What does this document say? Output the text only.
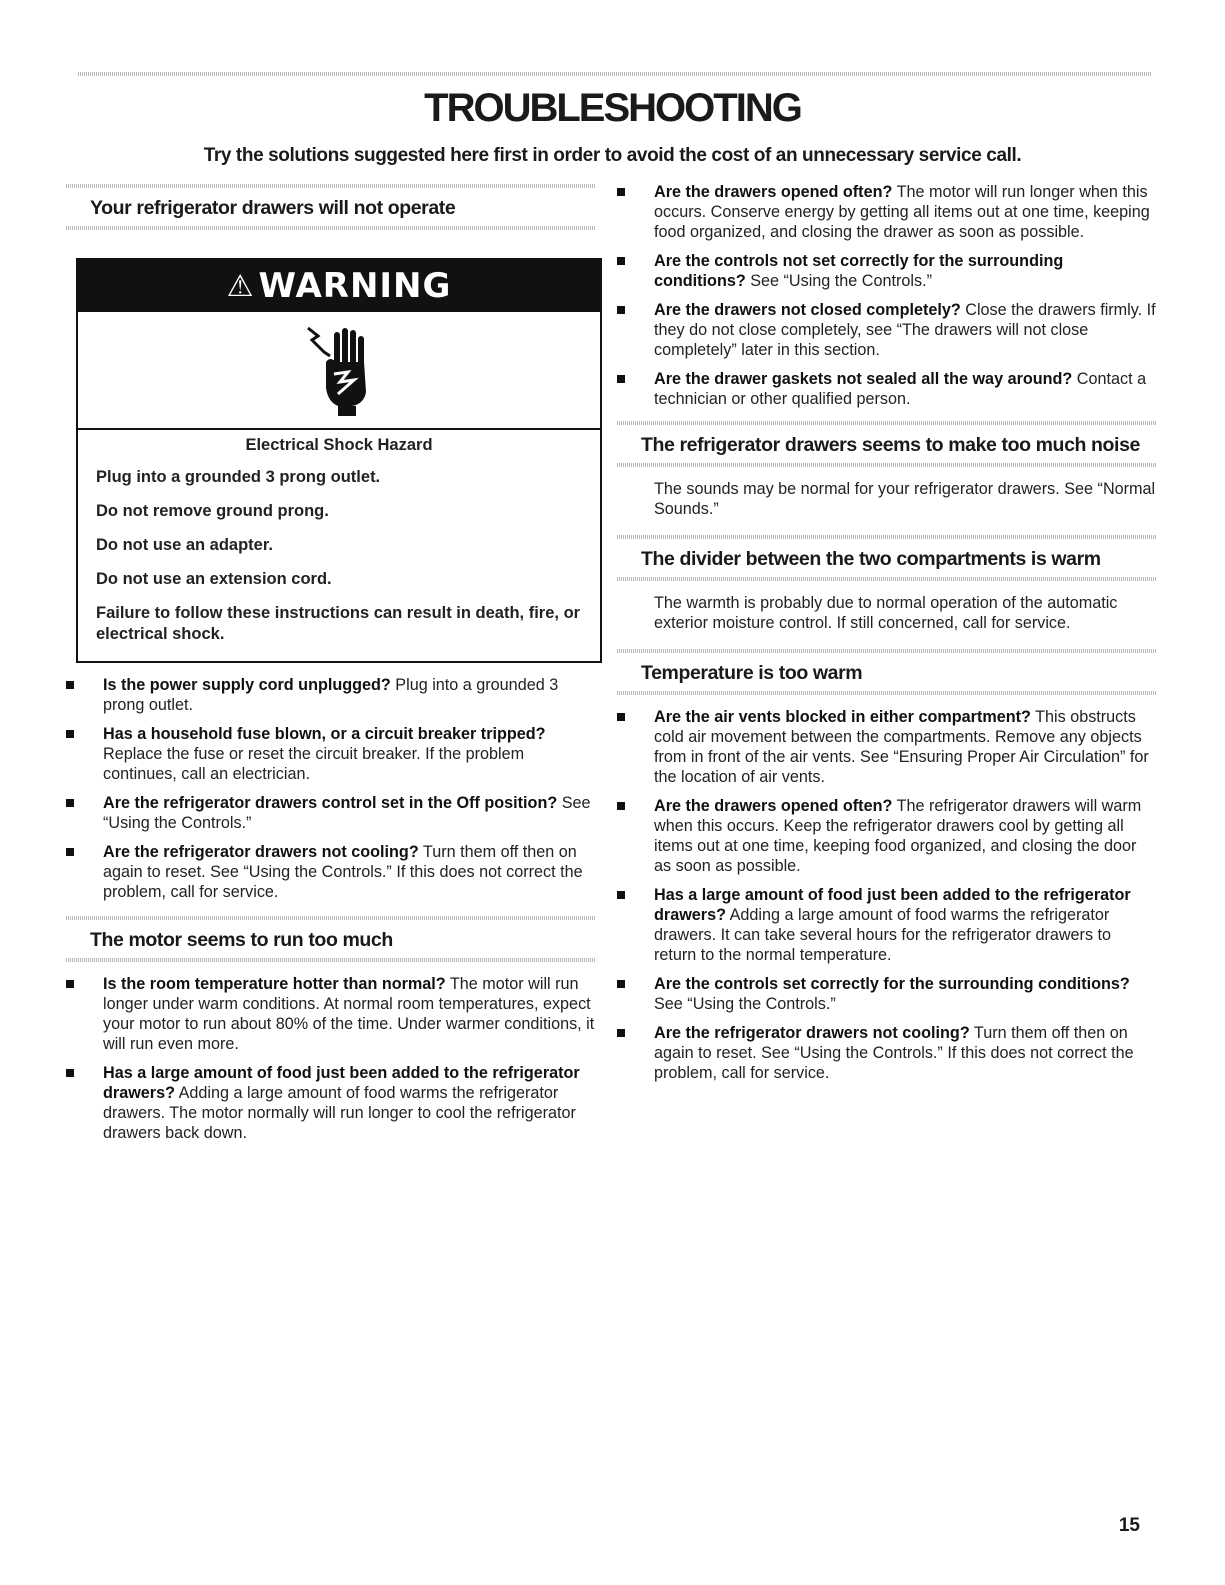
TROUBLESHOOTING

Try the solutions suggested here first in order to avoid the cost of an unnecessary service call.

Your refrigerator drawers will not operate
⚠ WARNING

Electrical Shock Hazard

Plug into a grounded 3 prong outlet.

Do not remove ground prong.

Do not use an adapter.

Do not use an extension cord.

Failure to follow these instructions can result in death, fire, or electrical shock.

Is the power supply cord unplugged? Plug into a grounded 3 prong outlet.
Has a household fuse blown, or a circuit breaker tripped? Replace the fuse or reset the circuit breaker. If the problem continues, call an electrician.
Are the refrigerator drawers control set in the Off position? See “Using the Controls.”
Are the refrigerator drawers not cooling? Turn them off then on again to reset. See “Using the Controls.” If this does not correct the problem, call for service.
The motor seems to run too much
Is the room temperature hotter than normal? The motor will run longer under warm conditions. At normal room temperatures, expect your motor to run about 80% of the time. Under warmer conditions, it will run even more.
Has a large amount of food just been added to the refrigerator drawers? Adding a large amount of food warms the refrigerator drawers. The motor normally will run longer to cool the refrigerator drawers back down.
Are the drawers opened often? The motor will run longer when this occurs. Conserve energy by getting all items out at one time, keeping food organized, and closing the drawer as soon as possible.
Are the controls not set correctly for the surrounding conditions? See “Using the Controls.”
Are the drawers not closed completely? Close the drawers firmly. If they do not close completely, see “The drawers will not close completely” later in this section.
Are the drawer gaskets not sealed all the way around? Contact a technician or other qualified person.
The refrigerator drawers seems to make too much noise

The sounds may be normal for your refrigerator drawers. See “Normal Sounds.”

The divider between the two compartments is warm

The warmth is probably due to normal operation of the automatic exterior moisture control. If still concerned, call for service.

Temperature is too warm
Are the air vents blocked in either compartment? This obstructs cold air movement between the compartments. Remove any objects from in front of the air vents. See “Ensuring Proper Air Circulation” for the location of air vents.
Are the drawers opened often? The refrigerator drawers will warm when this occurs. Keep the refrigerator drawers cool by getting all items out at one time, keeping food organized, and closing the door as soon as possible.
Has a large amount of food just been added to the refrigerator drawers? Adding a large amount of food warms the refrigerator drawers. It can take several hours for the refrigerator drawers to return to the normal temperature.
Are the controls set correctly for the surrounding conditions? See “Using the Controls.”
Are the refrigerator drawers not cooling? Turn them off then on again to reset. See “Using the Controls.” If this does not correct the problem, call for service.
15
